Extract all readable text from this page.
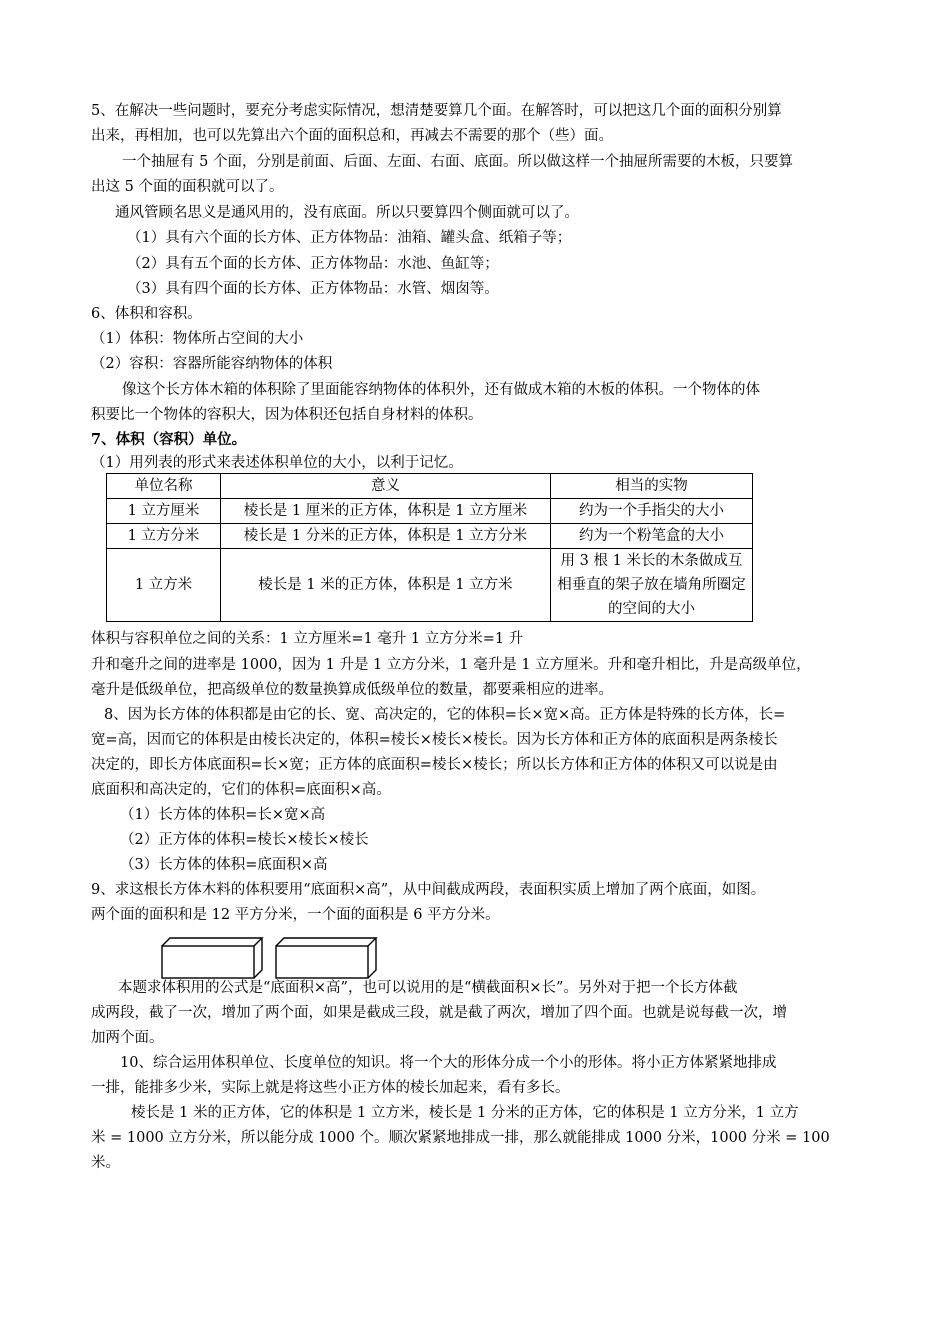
5、在解决一些问题时，要充分考虑实际情况，想清楚要算几个面。在解答时，可以把这几个面的面积分别算
出来，再相加，也可以先算出六个面的面积总和，再减去不需要的那个（些）面。
一个抽屉有 5 个面，分别是前面、后面、左面、右面、底面。所以做这样一个抽屉所需要的木板，只要算
出这 5 个面的面积就可以了。
通风管顾名思义是通风用的，没有底面。所以只要算四个侧面就可以了。
（1）具有六个面的长方体、正方体物品：油箱、罐头盒、纸箱子等；
（2）具有五个面的长方体、正方体物品：水池、鱼缸等；
（3）具有四个面的长方体、正方体物品：水管、烟囱等。
6、体积和容积。
（1）体积：物体所占空间的大小
（2）容积：容器所能容纳物体的体积
像这个长方体木箱的体积除了里面能容纳物体的体积外，还有做成木箱的木板的体积。一个物体的体
积要比一个物体的容积大，因为体积还包括自身材料的体积。
7、体积（容积）单位。
（1）用列表的形式来表述体积单位的大小，以利于记忆。
单位名称	意义	相当的实物
1 立方厘米	棱长是 1 厘米的正方体，体积是 1 立方厘米	约为一个手指尖的大小
1 立方分米	棱长是 1 分米的正方体，体积是 1 立方分米	约为一个粉笔盒的大小
1 立方米	棱长是 1 米的正方体，体积是 1 立方米	用 3 根 1 米长的木条做成互相垂直的架子放在墙角所圈定的空间的大小
体积与容积单位之间的关系：1 立方厘米=1 毫升 1 立方分米=1 升
升和毫升之间的进率是 1000，因为 1 升是 1 立方分米，1 毫升是 1 立方厘米。升和毫升相比，升是高级单位，
毫升是低级单位，把高级单位的数量换算成低级单位的数量，都要乘相应的进率。
8、因为长方体的体积都是由它的长、宽、高决定的，它的体积=长×宽×高。正方体是特殊的长方体，长=
宽=高，因而它的体积是由棱长决定的，体积=棱长×棱长×棱长。因为长方体和正方体的底面积是两条棱长
决定的，即长方体底面积=长×宽；正方体的底面积=棱长×棱长；所以长方体和正方体的体积又可以说是由
底面积和高决定的，它们的体积=底面积×高。
（1）长方体的体积=长×宽×高
（2）正方体的体积=棱长×棱长×棱长
（3）长方体的体积=底面积×高
9、求这根长方体木料的体积要用“底面积×高”，从中间截成两段，表面积实质上增加了两个底面，如图。
两个面的面积和是 12 平方分米，一个面的面积是 6 平方分米。
本题求体积用的公式是“底面积×高”，也可以说用的是“横截面积×长”。另外对于把一个长方体截
成两段，截了一次，增加了两个面，如果是截成三段，就是截了两次，增加了四个面。也就是说每截一次，增
加两个面。
10、综合运用体积单位、长度单位的知识。将一个大的形体分成一个小的形体。将小正方体紧紧地排成
一排，能排多少米，实际上就是将这些小正方体的棱长加起来，看有多长。
棱长是 1 米的正方体，它的体积是 1 立方米，棱长是 1 分米的正方体，它的体积是 1 立方分米，1 立方
米 = 1000 立方分米，所以能分成 1000 个。顺次紧紧地排成一排，那么就能排成 1000 分米，1000 分米 = 100
米。
